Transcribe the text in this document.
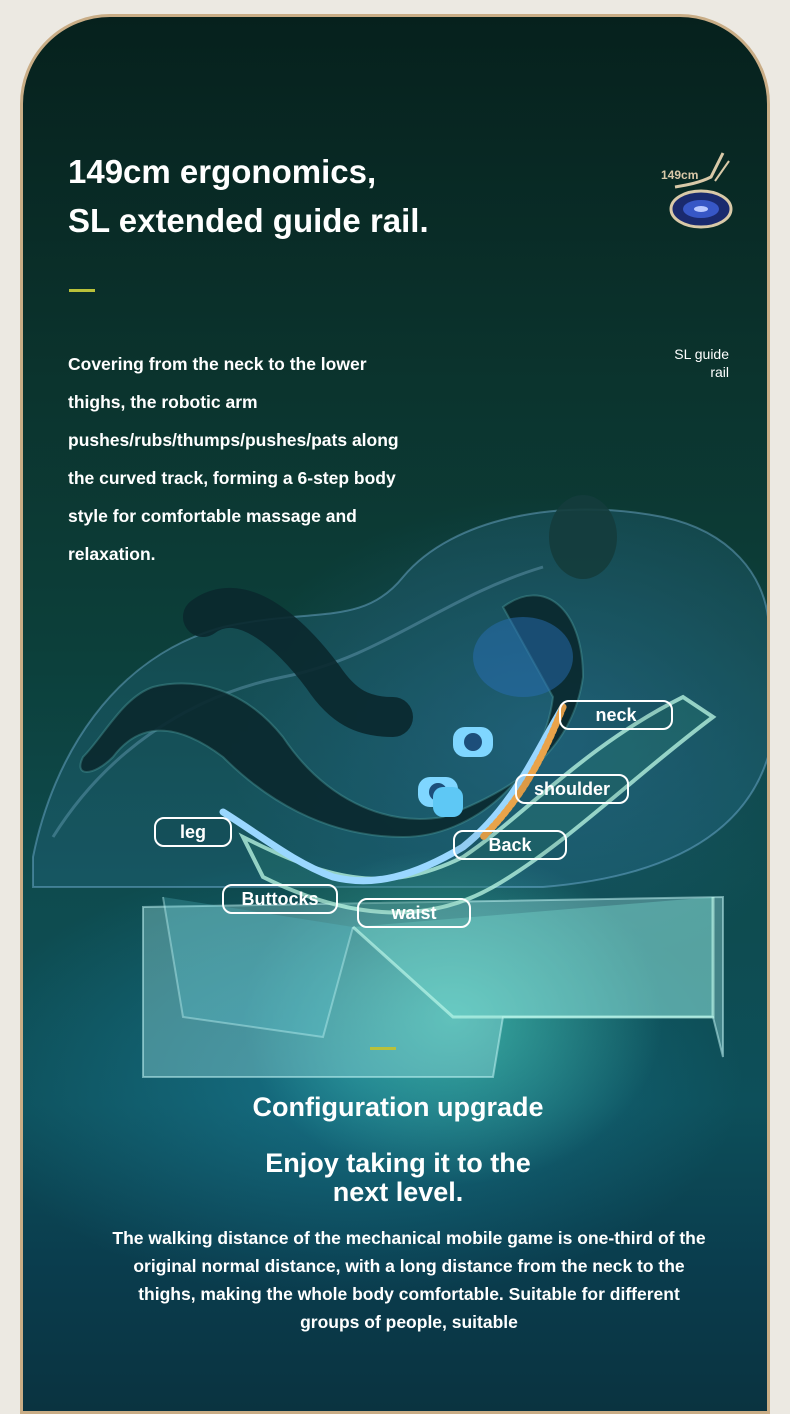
149cm ergonomics,
SL extended guide rail.
149cm

Covering from the neck to the lower thighs, the robotic arm pushes/rubs/thumps/pushes/pats along the curved track, forming a 6-step body style for comfortable massage and relaxation.

SL guide
rail
neck
shoulder
Back
leg
Buttocks
waist
Configuration upgrade
Enjoy taking it to the
next level.

The walking distance of the mechanical mobile game is one-third of the original normal distance, with a long distance from the neck to the thighs, making the whole body comfortable. Suitable for different groups of people, suitable
